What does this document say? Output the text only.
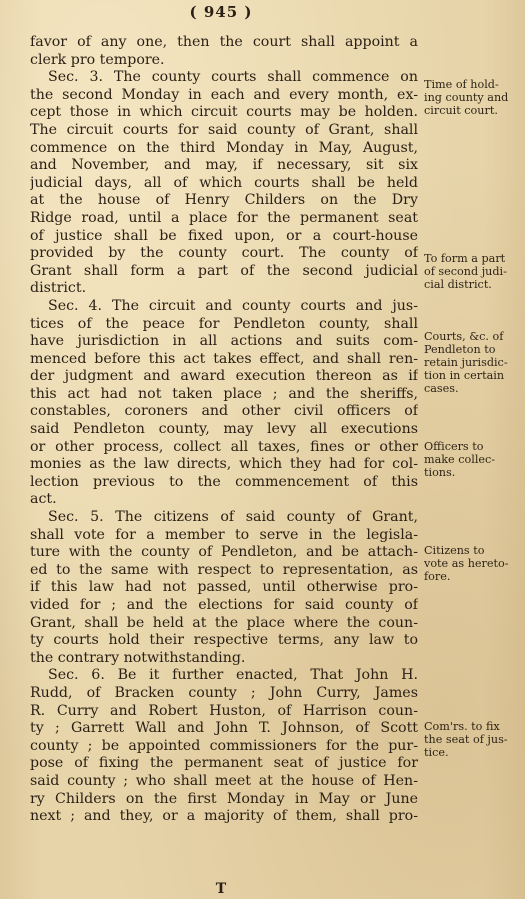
( 945 )
favor of any one, then the court shall appoint a
clerk pro tempore.
Sec. 3. The county courts shall commence on
the second Monday in each and every month, ex-
cept those in which circuit courts may be holden.
The circuit courts for said county of Grant, shall
commence on the third Monday in May, August,
and November, and may, if necessary, sit six
judicial days, all of which courts shall be held
at the house of Henry Childers on the Dry
Ridge road, until a place for the permanent seat
of justice shall be fixed upon, or a court-house
provided by the county court. The county of
Grant shall form a part of the second judicial
district.
Sec. 4. The circuit and county courts and jus-
tices of the peace for Pendleton county, shall
have jurisdiction in all actions and suits com-
menced before this act takes effect, and shall ren-
der judgment and award execution thereon as if
this act had not taken place ; and the sheriffs,
constables, coroners and other civil officers of
said Pendleton county, may levy all executions
or other process, collect all taxes, fines or other
monies as the law directs, which they had for col-
lection previous to the commencement of this
act.
Sec. 5. The citizens of said county of Grant,
shall vote for a member to serve in the legisla-
ture with the county of Pendleton, and be attach-
ed to the same with respect to representation, as
if this law had not passed, until otherwise pro-
vided for ; and the elections for said county of
Grant, shall be held at the place where the coun-
ty courts hold their respective terms, any law to
the contrary notwithstanding.
Sec. 6. Be it further enacted, That John H.
Rudd, of Bracken county ; John Curry, James
R. Curry and Robert Huston, of Harrison coun-
ty ; Garrett Wall and John T. Johnson, of Scott
county ; be appointed commissioners for the pur-
pose of fixing the permanent seat of justice for
said county ; who shall meet at the house of Hen-
ry Childers on the first Monday in May or June
next ; and they, or a majority of them, shall pro-
Time of hold-
ing county and
circuit court.
To form a part
of second judi-
cial district.
Courts, &c. of
Pendleton to
retain jurisdic-
tion in certain
cases.
Officers to
make collec-
tions.
Citizens to
vote as hereto-
fore.
Com'rs. to fix
the seat of jus-
tice.
T
